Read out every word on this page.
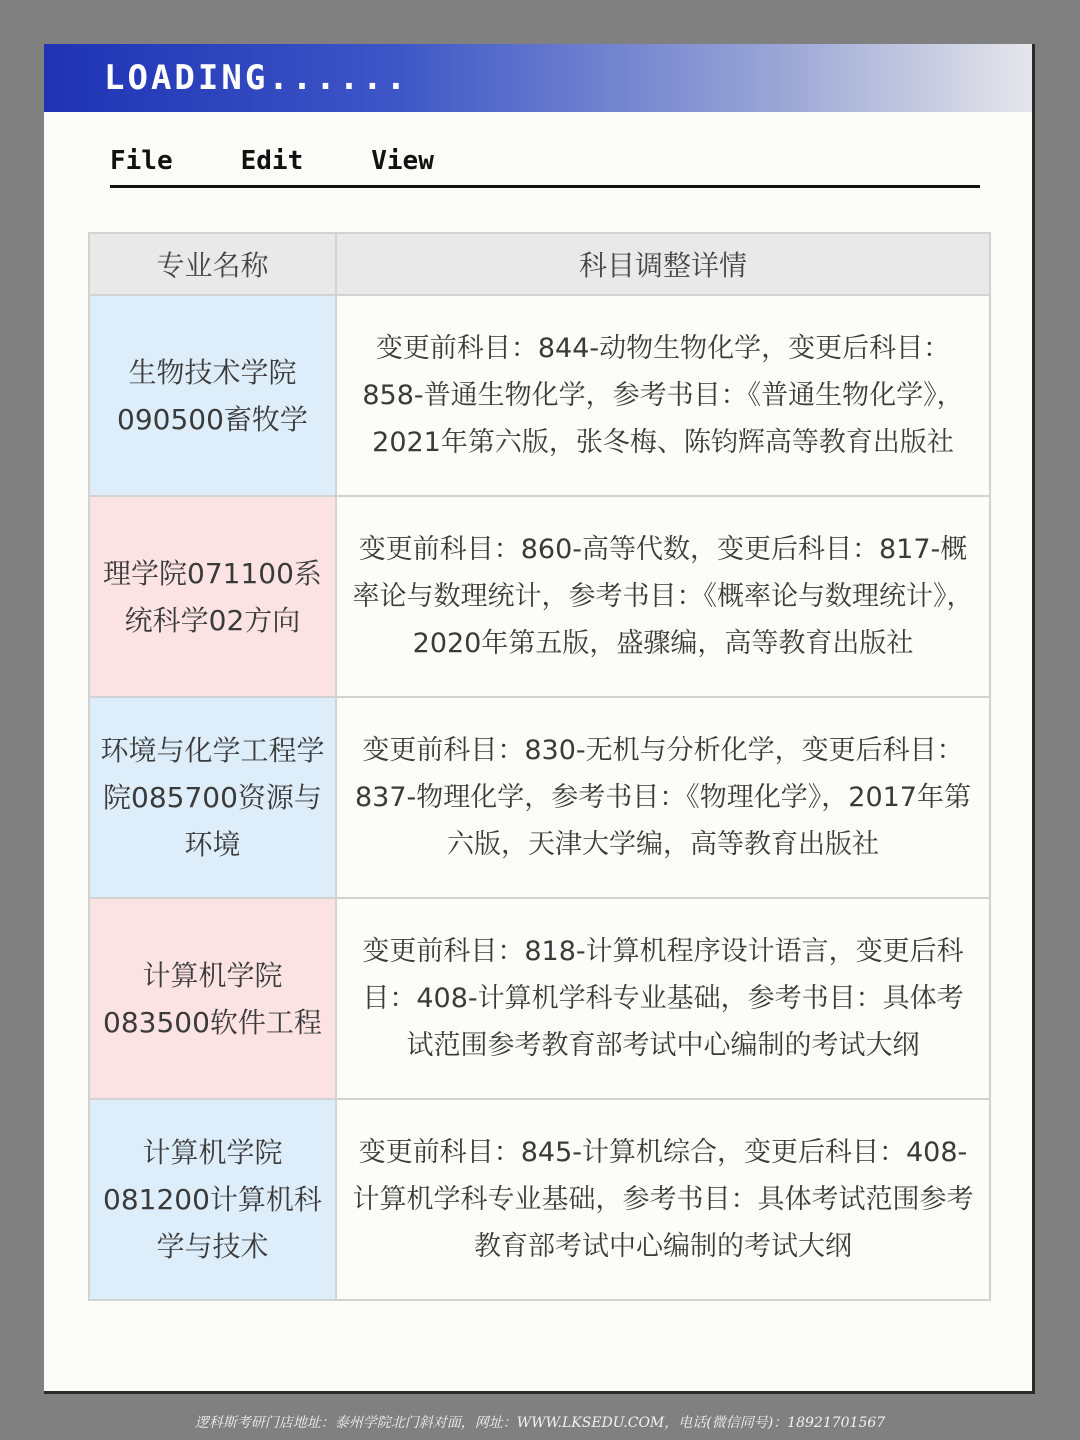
LOADING......
File	Edit	View
专业名称	科目调整详情
生物技术学院090500畜牧学	变更前科目：844-动物生物化学，变更后科目：858-普通生物化学，参考书目：《普通生物化学》，2021年第六版，张冬梅、陈钧辉高等教育出版社
理学院071100系统科学02方向	变更前科目：860-高等代数，变更后科目：817-概率论与数理统计，参考书目：《概率论与数理统计》，2020年第五版，盛骤编，高等教育出版社
环境与化学工程学院085700资源与环境	变更前科目：830-无机与分析化学，变更后科目：837-物理化学，参考书目：《物理化学》，2017年第六版，天津大学编，高等教育出版社
计算机学院083500软件工程	变更前科目：818-计算机程序设计语言，变更后科目：408-计算机学科专业基础，参考书目：具体考试范围参考教育部考试中心编制的考试大纲
计算机学院081200计算机科学与技术	变更前科目：845-计算机综合，变更后科目：408-计算机学科专业基础，参考书目：具体考试范围参考教育部考试中心编制的考试大纲
逻科斯考研门店地址：泰州学院北门斜对面，网址：WWW.LKSEDU.COM，电话(微信同号)：18921701567
